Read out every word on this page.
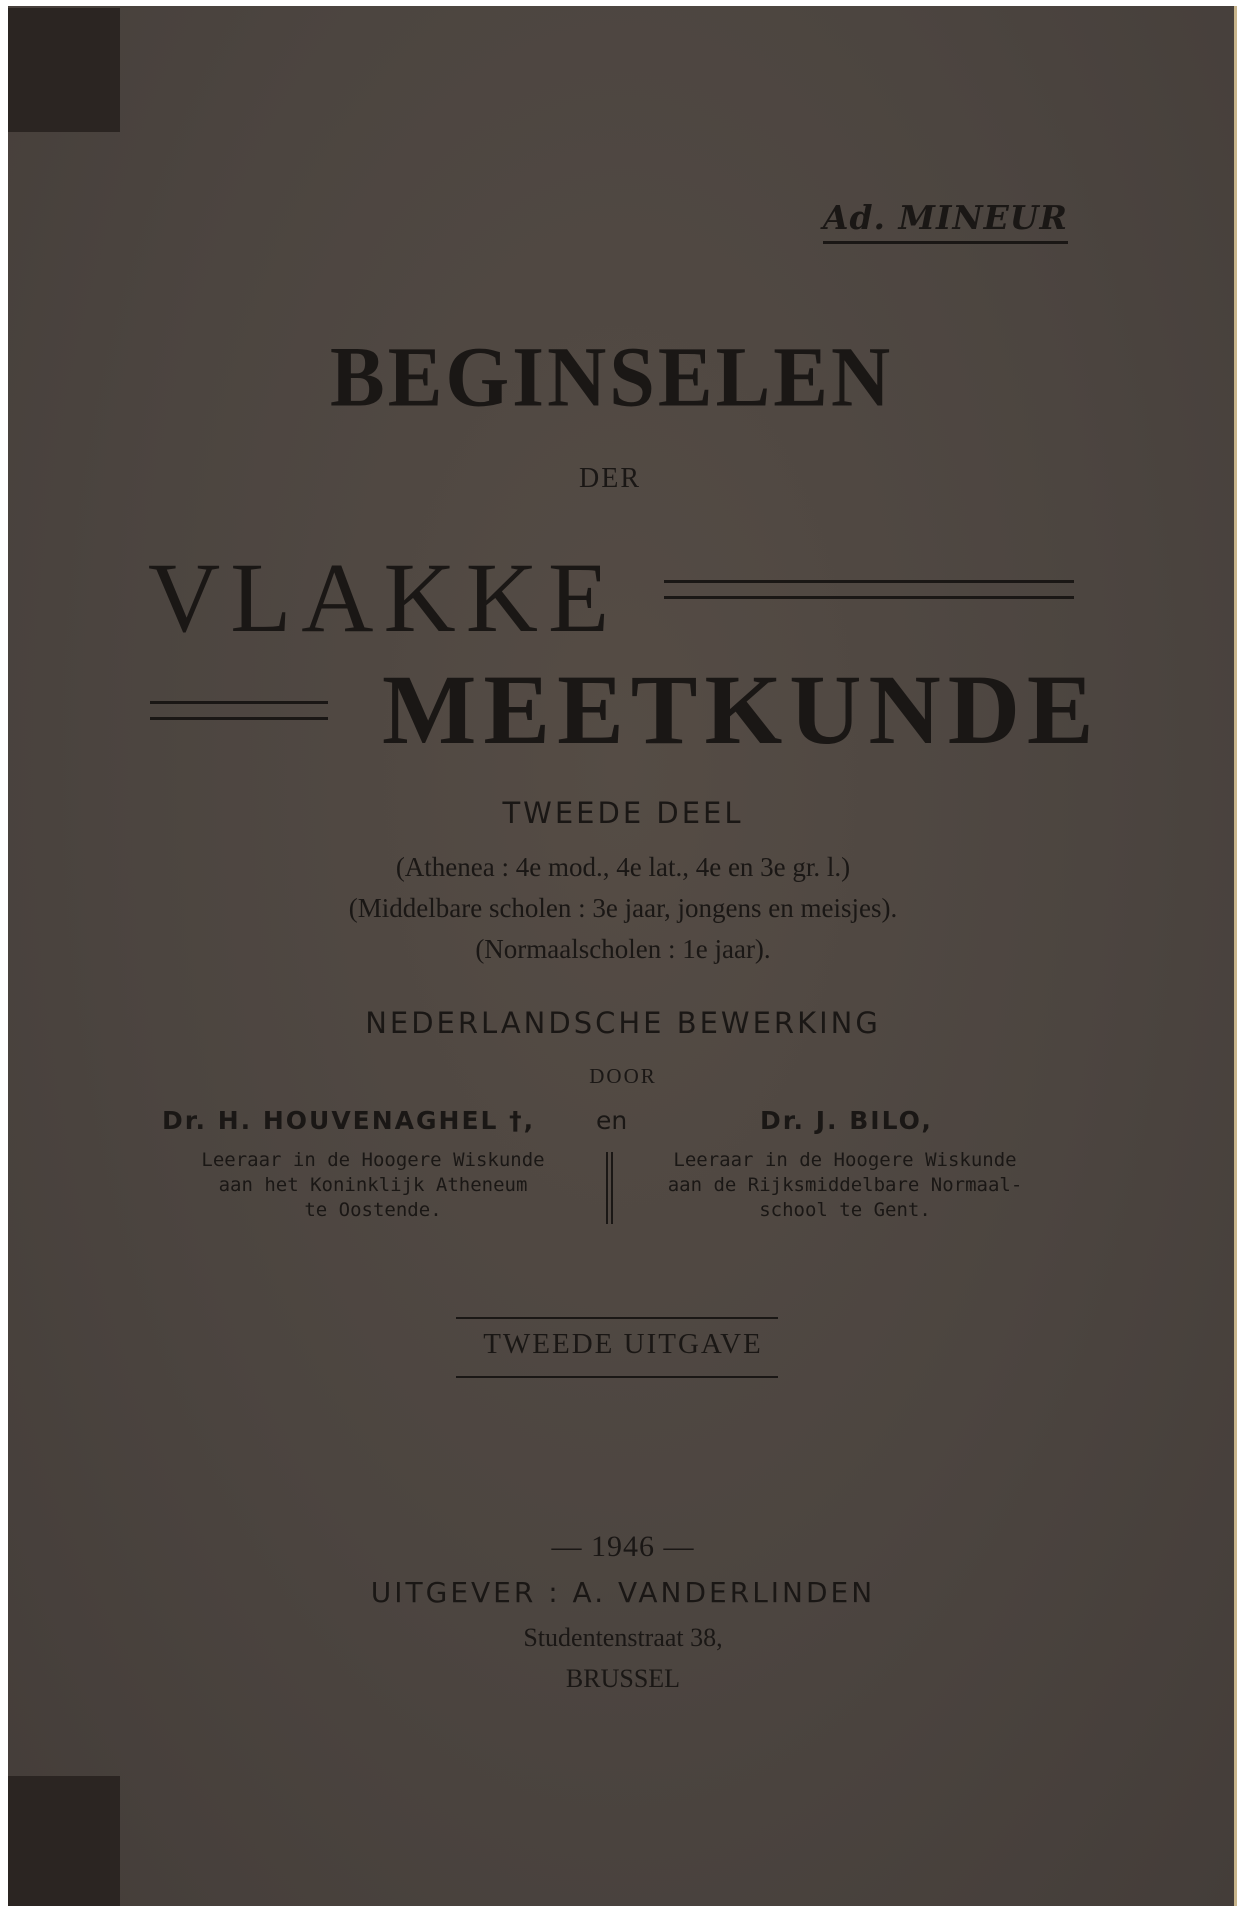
Ad. MINEUR
BEGINSELEN
DER
VLAKKE
MEETKUNDE
TWEEDE DEEL
(Athenea : 4e mod., 4e lat., 4e en 3e gr. l.)
(Middelbare scholen : 3e jaar, jongens en meisjes).
(Normaalscholen : 1e jaar).
NEDERLANDSCHE BEWERKING
DOOR
Dr. H. HOUVENAGHEL †,	en	Dr. J. BILO,
Leeraar in de Hoogere Wiskunde
aan het Koninklijk Atheneum
te Oostende.
Leeraar in de Hoogere Wiskunde
aan de Rijksmiddelbare Normaal-
school te Gent.
TWEEDE UITGAVE
— 1946 —
UITGEVER : A. VANDERLINDEN
Studentenstraat 38,
BRUSSEL
